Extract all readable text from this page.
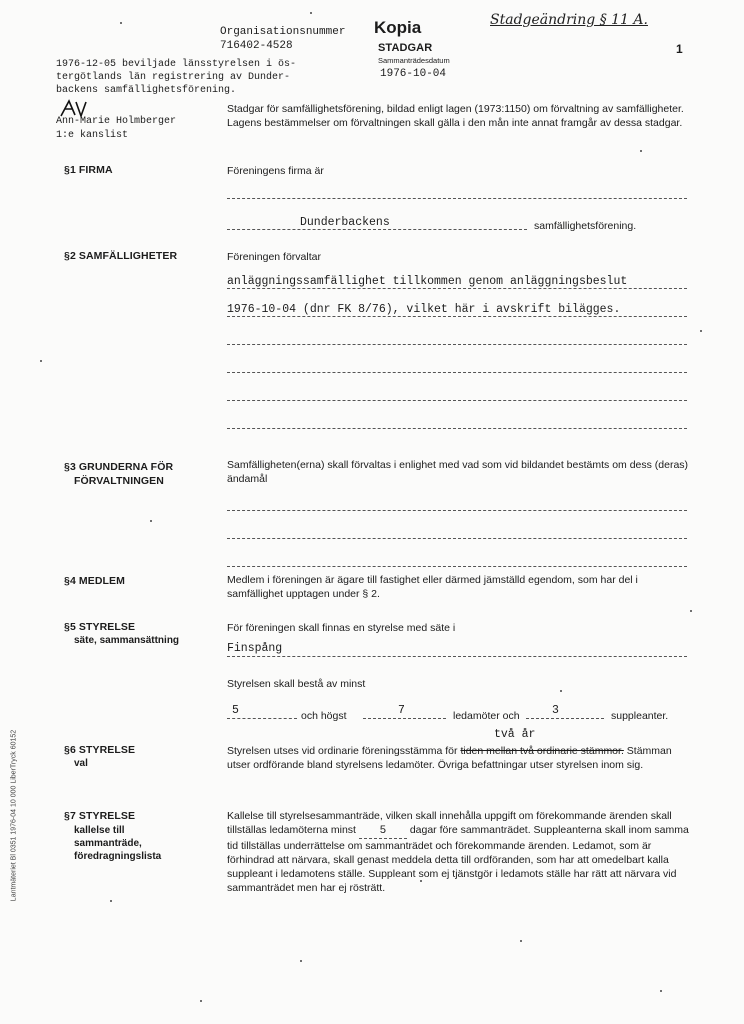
Stadgeändring § 11 A.
Organisationsnummer
716402-4528
Kopia
STADGAR
Sammanträdesdatum
1976-10-04
1
1976-12-05 beviljade länsstyrelsen i ös-
tergötlands län registrering av Dunder-
backens samfällighetsförening.
Ann-Marie Holmberger
1:e kanslist
Stadgar för samfällighetsförening, bildad enligt lagen (1973:1150) om förvaltning av samfälligheter. Lagens bestämmelser om förvaltningen skall gälla i den mån inte annat framgår av dessa stadgar.
§1 FIRMA	Föreningens firma är
Dunderbackens	samfällighetsförening.
§2 SAMFÄLLIGHETER	Föreningen förvaltar
anläggningssamfällighet tillkommen genom anläggningsbeslut
1976-10-04 (dnr FK 8/76), vilket här i avskrift bilägges.
§3 GRUNDERNA FÖR
FÖRVALTNINGEN
Samfälligheten(erna) skall förvaltas i enlighet med vad som vid bildandet bestämts om dess (deras) ändamål
§4 MEDLEM	Medlem i föreningen är ägare till fastighet eller därmed jämställd egendom, som har del i samfällighet upptagen under § 2.
§5 STYRELSE
säte, sammansättning
För föreningen skall finnas en styrelse med säte i
Finspång
Styrelsen skall bestå av minst
5	och högst	7	ledamöter och	3	suppleanter.
två år
§6 STYRELSE
val
Styrelsen utses vid ordinarie föreningsstämma för tiden mellan två ordinarie stämmor. Stämman utser ordförande bland styrelsens ledamöter. Övriga befattningar utser styrelsen inom sig.
§7 STYRELSE
kallelse till
sammanträde,
föredragningslista
Kallelse till styrelsesammanträde, vilken skall innehålla uppgift om förekommande ärenden skall tillställas ledamöterna minst 5 dagar före sammanträdet. Suppleanterna skall inom samma tid tillställas underrättelse om sammanträdet och förekommande ärenden. Ledamot, som är förhindrad att närvara, skall genast meddela detta till ordföranden, som har att omedelbart kalla suppleant i ledamotens ställe. Suppleant som ej tjänstgör i ledamots ställe har rätt att närvara vid sammanträdet men har ej rösträtt.
Lantmäteriet Bl 0351 1976-04 10 000 LiberTryck 60152
